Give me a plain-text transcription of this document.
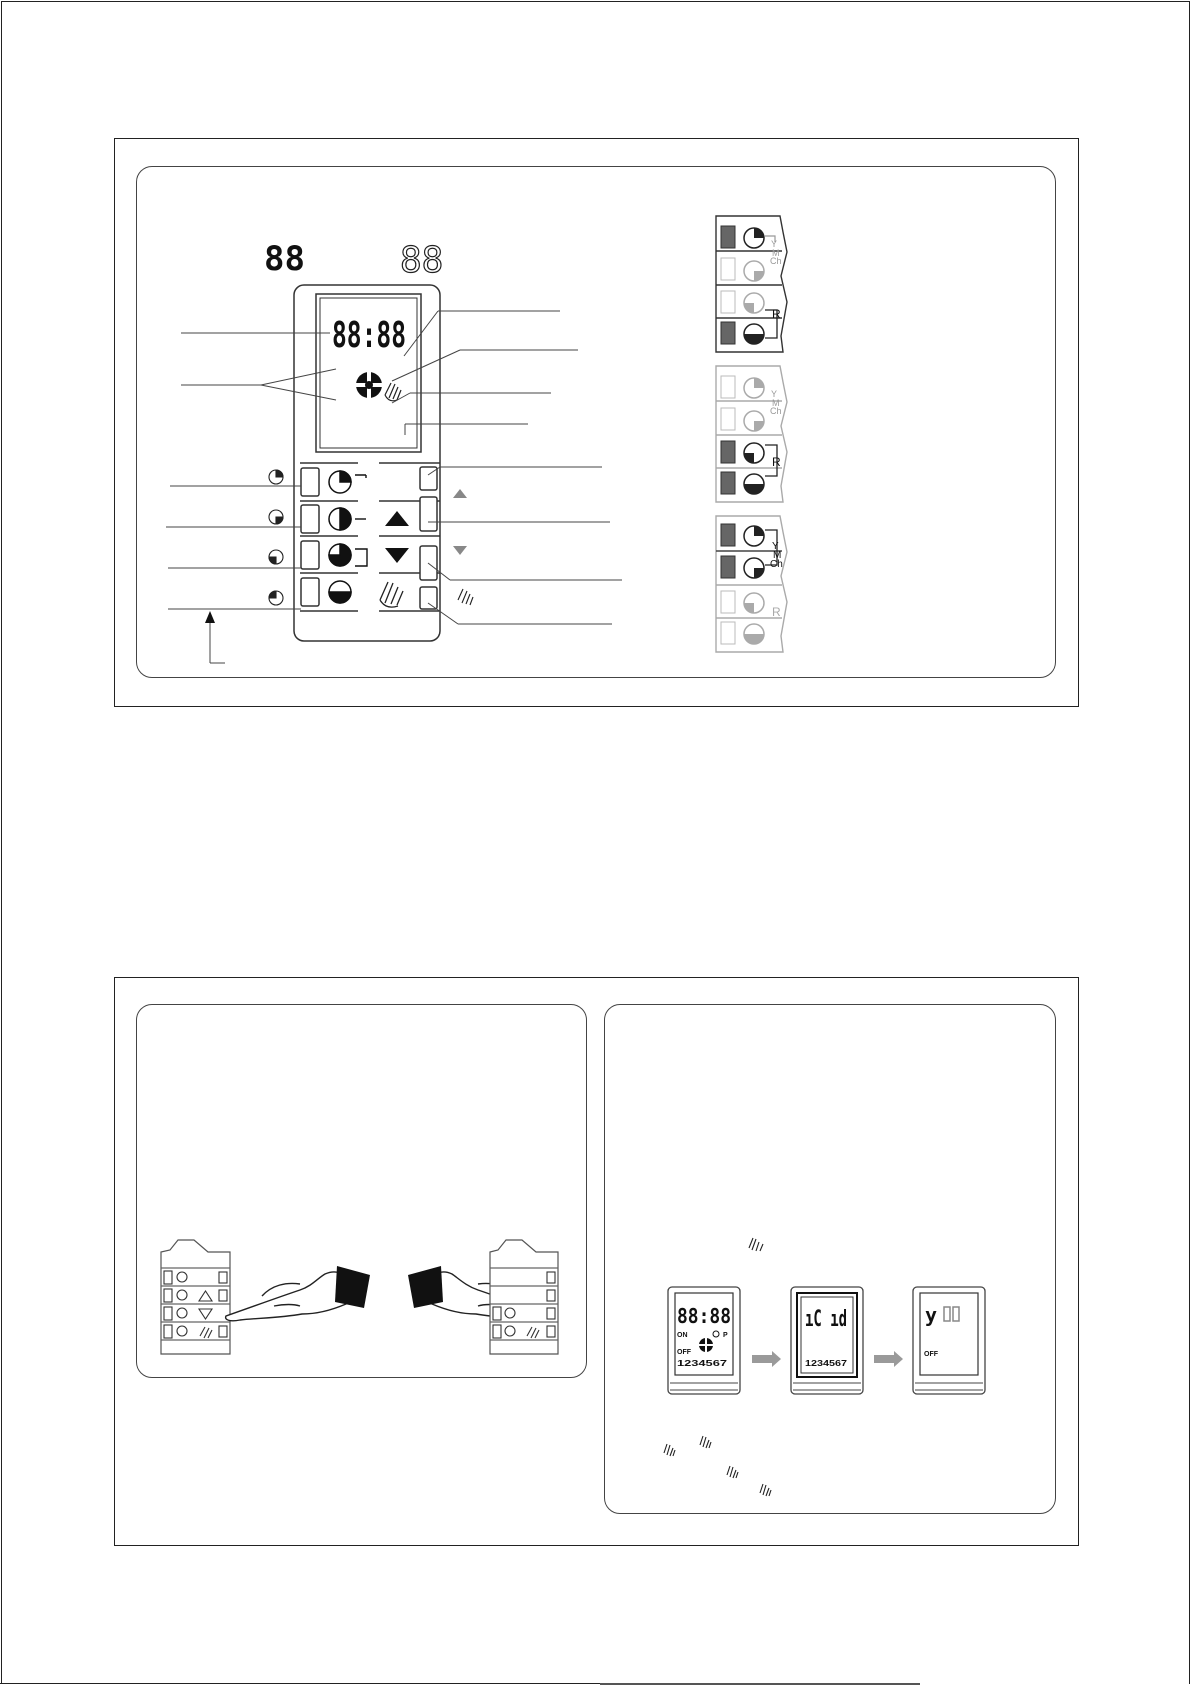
88	88
88:88
Y
M
Ch
R
Y
M
Ch
R
Y
M
Ch
R
88:88
ON	P
OFF
1234567
ıC ıd
1234567
y
OFF
